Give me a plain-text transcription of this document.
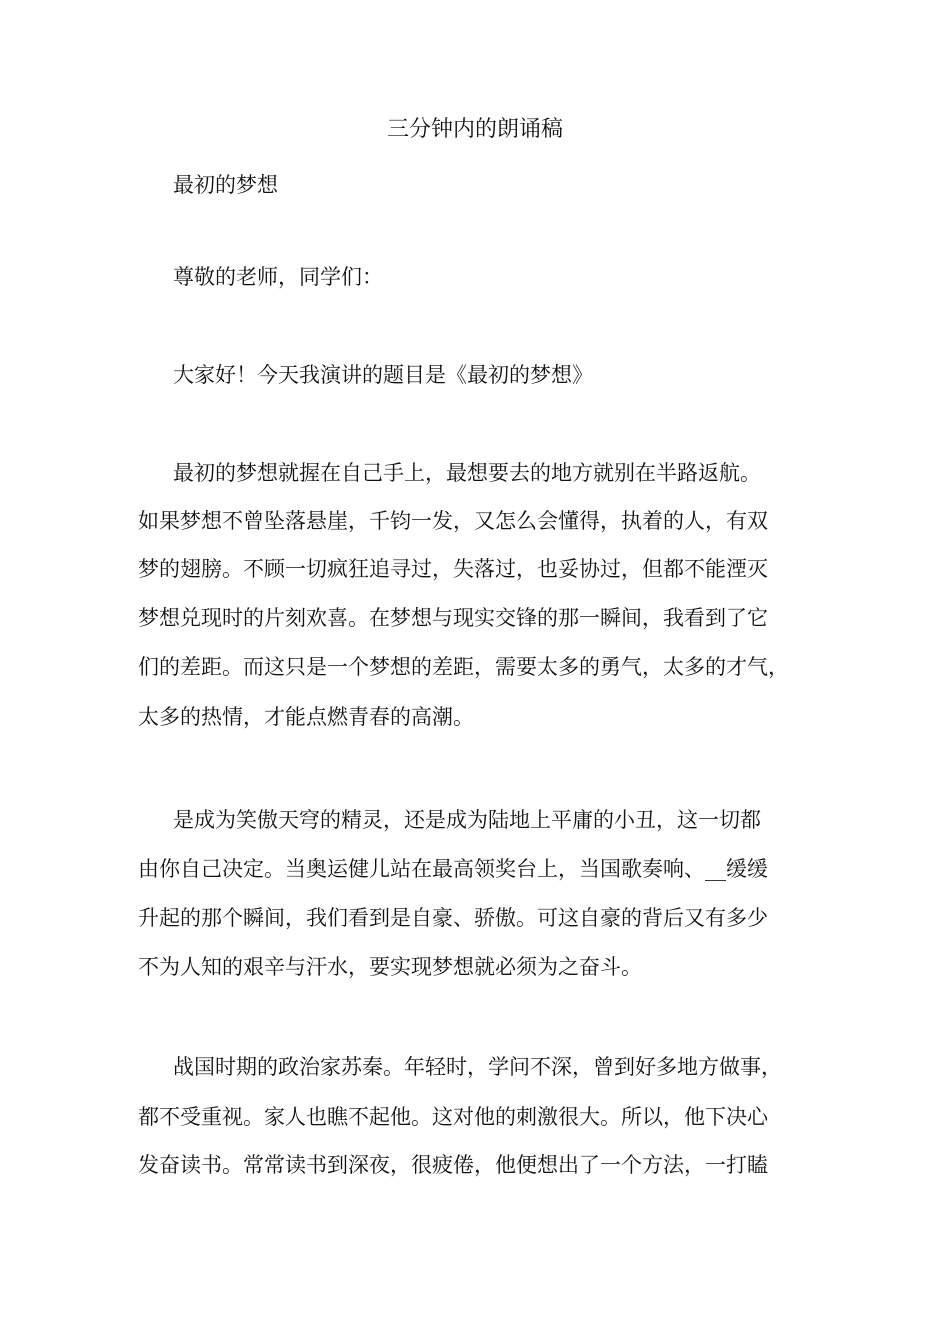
三分钟内的朗诵稿
最初的梦想
尊敬的老师，同学们：
大家好！今天我演讲的题目是《最初的梦想》
最初的梦想就握在自己手上，最想要去的地方就别在半路返航。
如果梦想不曾坠落悬崖，千钧一发，又怎么会懂得，执着的人，有双
梦的翅膀。不顾一切疯狂追寻过，失落过，也妥协过，但都不能湮灭
梦想兑现时的片刻欢喜。在梦想与现实交锋的那一瞬间，我看到了它
们的差距。而这只是一个梦想的差距，需要太多的勇气，太多的才气，
太多的热情，才能点燃青春的高潮。
是成为笑傲天穹的精灵，还是成为陆地上平庸的小丑，这一切都
由你自己决定。当奥运健儿站在最高领奖台上，当国歌奏响、__缓缓
升起的那个瞬间，我们看到是自豪、骄傲。可这自豪的背后又有多少
不为人知的艰辛与汗水，要实现梦想就必须为之奋斗。
战国时期的政治家苏秦。年轻时，学问不深，曾到好多地方做事，
都不受重视。家人也瞧不起他。这对他的刺激很大。所以，他下决心
发奋读书。常常读书到深夜，很疲倦，他便想出了一个方法，一打瞌
